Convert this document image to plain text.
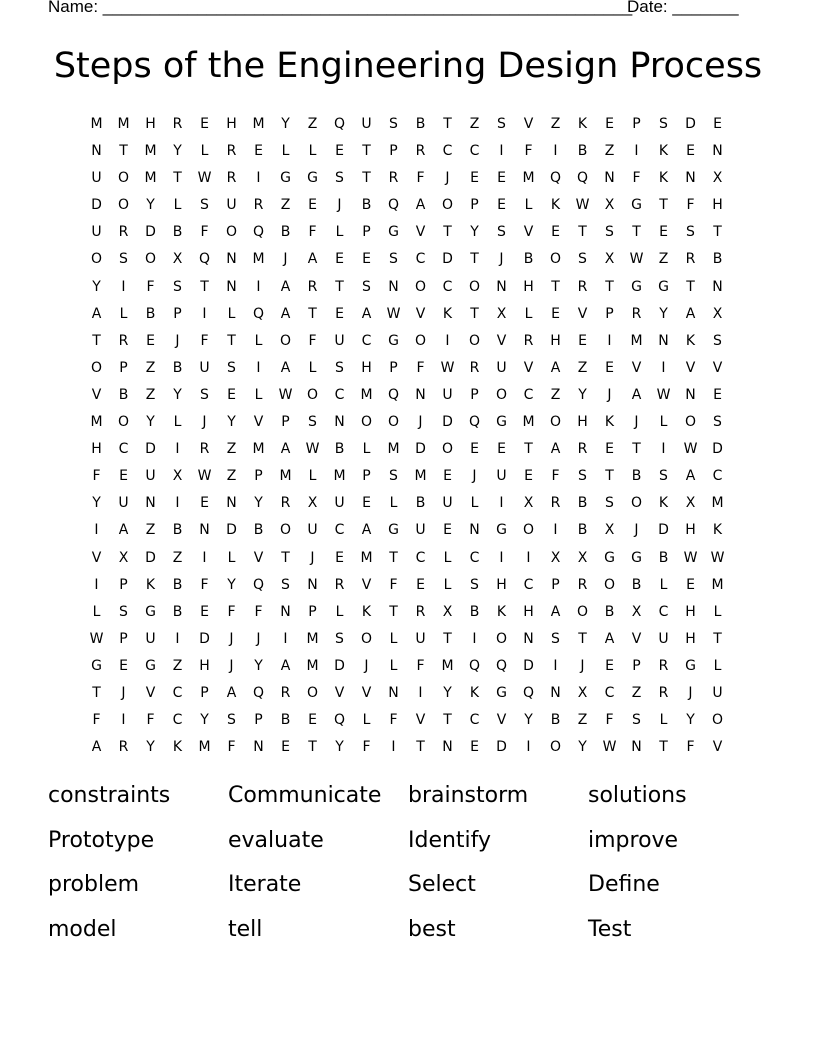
Name: ________________________________________________________
Date: _______
Steps of the Engineering Design Process
M	M	H	R	E	H	M	Y	Z	Q	U	S	B	T	Z	S	V	Z	K	E	P	S	D	E
N	T	M	Y	L	R	E	L	L	E	T	P	R	C	C	I	F	I	B	Z	I	K	E	N
U	O	M	T	W	R	I	G	G	S	T	R	F	J	E	E	M	Q	Q	N	F	K	N	X
D	O	Y	L	S	U	R	Z	E	J	B	Q	A	O	P	E	L	K	W	X	G	T	F	H
U	R	D	B	F	O	Q	B	F	L	P	G	V	T	Y	S	V	E	T	S	T	E	S	T
O	S	O	X	Q	N	M	J	A	E	E	S	C	D	T	J	B	O	S	X	W	Z	R	B
Y	I	F	S	T	N	I	A	R	T	S	N	O	C	O	N	H	T	R	T	G	G	T	N
A	L	B	P	I	L	Q	A	T	E	A	W	V	K	T	X	L	E	V	P	R	Y	A	X
T	R	E	J	F	T	L	O	F	U	C	G	O	I	O	V	R	H	E	I	M	N	K	S
O	P	Z	B	U	S	I	A	L	S	H	P	F	W	R	U	V	A	Z	E	V	I	V	V
V	B	Z	Y	S	E	L	W	O	C	M	Q	N	U	P	O	C	Z	Y	J	A	W	N	E
M	O	Y	L	J	Y	V	P	S	N	O	O	J	D	Q	G	M	O	H	K	J	L	O	S
H	C	D	I	R	Z	M	A	W	B	L	M	D	O	E	E	T	A	R	E	T	I	W	D
F	E	U	X	W	Z	P	M	L	M	P	S	M	E	J	U	E	F	S	T	B	S	A	C
Y	U	N	I	E	N	Y	R	X	U	E	L	B	U	L	I	X	R	B	S	O	K	X	M
I	A	Z	B	N	D	B	O	U	C	A	G	U	E	N	G	O	I	B	X	J	D	H	K
V	X	D	Z	I	L	V	T	J	E	M	T	C	L	C	I	I	X	X	G	G	B	W W
I	P	K	B	F	Y	Q	S	N	R	V	F	E	L	S	H	C	P	R	O	B	L	E	M
L	S	G	B	E	F	F	N	P	L	K	T	R	X	B	K	H	A	O	B	X	C	H	L
W	P	U	I	D	J	J	I	M	S	O	L	U	T	I	O	N	S	T	A	V	U	H	T
G	E	G	Z	H	J	Y	A	M	D	J	L	F	M	Q	Q	D	I	J	E	P	R	G	L
T	J	V	C	P	A	Q	R	O	V	V	N	I	Y	K	G	Q	N	X	C	Z	R	J	U
F	I	F	C	Y	S	P	B	E	Q	L	F	V	T	C	V	Y	B	Z	F	S	L	Y	O
A	R	Y	K	M	F	N	E	T	Y	F	I	T	N	E	D	I	O	Y	W	N	T	F	V
constraints	Communicate	brainstorm	solutions
Prototype	evaluate	Identify	improve
problem	Iterate	Select	Define
model	tell	best	Test
